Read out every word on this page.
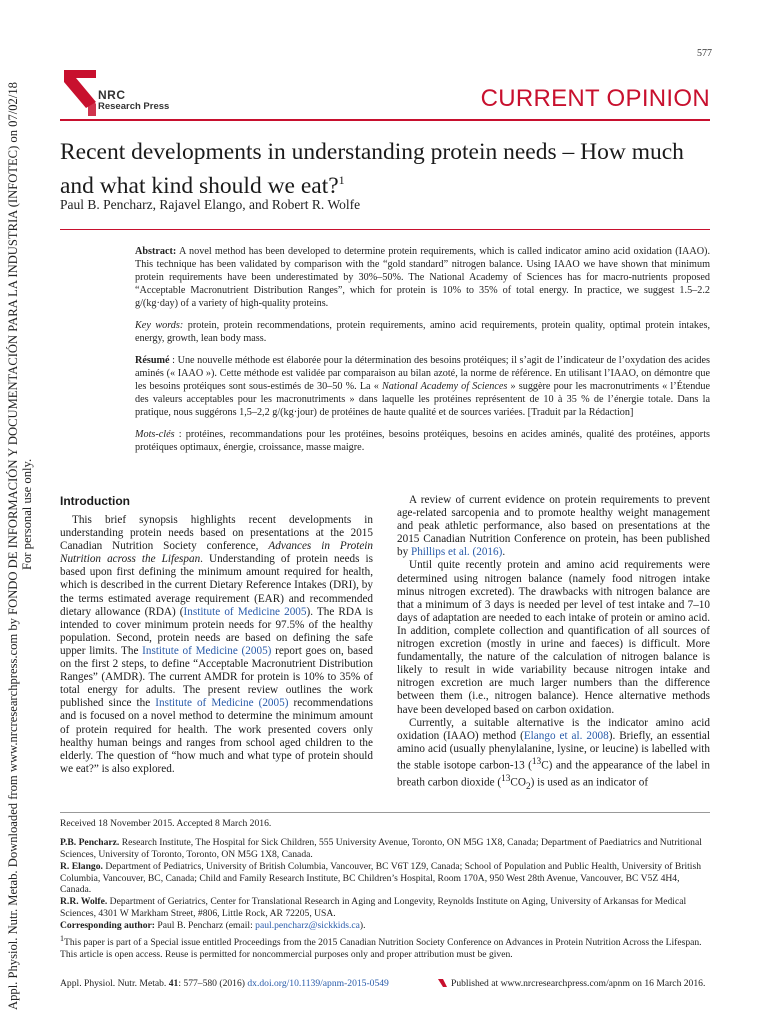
Appl. Physiol. Nutr. Metab. Downloaded from www.nrcresearchpress.com by FONDO DE INFORMACIÓN Y DOCUMENTACIÓN PARA LA INDUSTRIA (INFOTEC) on 07/02/18 For personal use only.
577
NRC
Research Press	CURRENT OPINION
Recent developments in understanding protein needs – How much and what kind should we eat?$^1$
Paul B. Pencharz, Rajavel Elango, and Robert R. Wolfe

Abstract: A novel method has been developed to determine protein requirements, which is called indicator amino acid oxidation (IAAO). This technique has been validated by comparison with the “gold standard” nitrogen balance. Using IAAO we have shown that minimum protein requirements have been underestimated by 30%–50%. The National Academy of Sciences has for macro-nutrients proposed “Acceptable Macronutrient Distribution Ranges”, which for protein is 10% to 35% of total energy. In practice, we suggest 1.5–2.2 g/(kg·day) of a variety of high-quality proteins.

Key words: protein, protein recommendations, protein requirements, amino acid requirements, protein quality, optimal protein intakes, energy, growth, lean body mass.

Résumé : Une nouvelle méthode est élaborée pour la détermination des besoins protéiques; il s’agit de l’indicateur de l’oxydation des acides aminés (« IAAO »). Cette méthode est validée par comparaison au bilan azoté, la norme de référence. En utilisant l’IAAO, on démontre que les besoins protéiques sont sous-estimés de 30–50 %. La « National Academy of Sciences » suggère pour les macronutriments « l’Étendue des valeurs acceptables pour les macronutriments » dans laquelle les protéines représentent de 10 à 35 % de l’énergie totale. Dans la pratique, nous suggérons 1,5–2,2 g/(kg·jour) de protéines de haute qualité et de sources variées. [Traduit par la Rédaction]

Mots-clés : protéines, recommandations pour les protéines, besoins protéiques, besoins en acides aminés, qualité des protéines, apports protéiques optimaux, énergie, croissance, masse maigre.

Introduction

This brief synopsis highlights recent developments in understanding protein needs based on presentations at the 2015 Canadian Nutrition Society conference, Advances in Protein Nutrition across the Lifespan. Understanding of protein needs is based upon first defining the minimum amount required for health, which is described in the current Dietary Reference Intakes (DRI), by the terms estimated average requirement (EAR) and recommended dietary allowance (RDA) (Institute of Medicine 2005). The RDA is intended to cover minimum protein needs for 97.5% of the healthy population. Second, protein needs are based on defining the safe upper limits. The Institute of Medicine (2005) report goes on, based on the first 2 steps, to define “Acceptable Macronutrient Distribution Ranges” (AMDR). The current AMDR for protein is 10% to 35% of total energy for adults. The present review outlines the work published since the Institute of Medicine (2005) recommendations and is focused on a novel method to determine the minimum amount of protein required for health. The work presented covers only healthy human beings and ranges from school aged children to the elderly. The question of “how much and what type of protein should we eat?” is also explored.

A review of current evidence on protein requirements to prevent age-related sarcopenia and to promote healthy weight management and peak athletic performance, also based on presentations at the 2015 Canadian Nutrition Conference on protein, has been published by Phillips et al. (2016).

Until quite recently protein and amino acid requirements were determined using nitrogen balance (namely food nitrogen intake minus nitrogen excreted). The drawbacks with nitrogen balance are that a minimum of 3 days is needed per level of test intake and 7–10 days of adaptation are needed to each intake of protein or amino acid. In addition, complete collection and quantification of all sources of nitrogen excretion (mostly in urine and faeces) is difficult. More fundamentally, the nature of the calculation of nitrogen balance is likely to result in wide variability because nitrogen intake and nitrogen excretion are much larger numbers than the difference between them (i.e., nitrogen balance). Hence alternative methods have been developed based on carbon oxidation.

Currently, a suitable alternative is the indicator amino acid oxidation (IAAO) method (Elango et al. 2008). Briefly, an essential amino acid (usually phenylalanine, lysine, or leucine) is labelled with the stable isotope carbon-13 ($^{13}$C) and the appearance of the label in breath carbon dioxide $(^{13}CO_2)$ is used as an indicator of

Received 18 November 2015. Accepted 8 March 2016.

P.B. Pencharz. Research Institute, The Hospital for Sick Children, 555 University Avenue, Toronto, ON M5G 1X8, Canada; Department of Paediatrics and Nutritional Sciences, University of Toronto, Toronto, ON M5G 1X8, Canada.

R. Elango. Department of Pediatrics, University of British Columbia, Vancouver, BC V6T 1Z9, Canada; School of Population and Public Health, University of British Columbia, Vancouver, BC, Canada; Child and Family Research Institute, BC Children’s Hospital, Room 170A, 950 West 28th Avenue, Vancouver, BC V5Z 4H4, Canada.

R.R. Wolfe. Department of Geriatrics, Center for Translational Research in Aging and Longevity, Reynolds Institute on Aging, University of Arkansas for Medical Sciences, 4301 W Markham Street, #806, Little Rock, AR 72205, USA.

Corresponding author: Paul B. Pencharz (email: paul.pencharz@sickkids.ca).

$^1$This paper is part of a Special issue entitled Proceedings from the 2015 Canadian Nutrition Society Conference on Advances in Protein Nutrition Across the Lifespan.

This article is open access. Reuse is permitted for noncommercial purposes only and proper attribution must be given.

Appl. Physiol. Nutr. Metab. 41: 577–580 (2016) dx.doi.org/10.1139/apnm-2015-0549	Published at www.nrcresearchpress.com/apnm on 16 March 2016.
